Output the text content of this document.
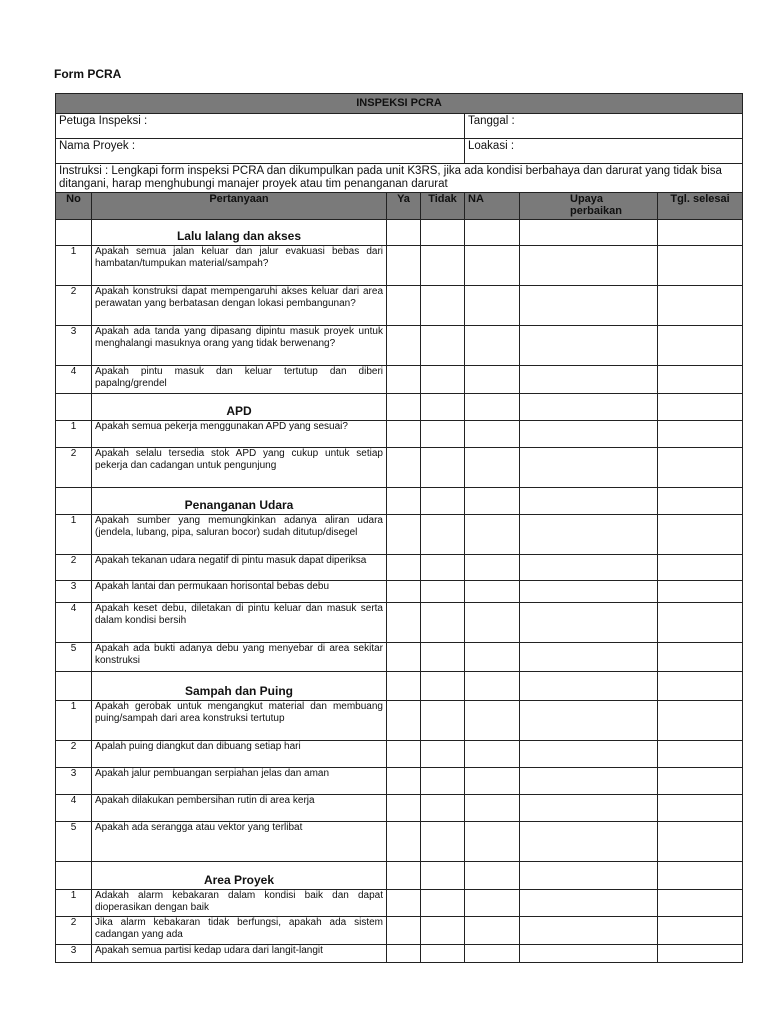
Form PCRA
INSPEKSI PCRA						
Petuga Inspeksi :				Tanggal :		
Nama Proyek :				Loakasi :		
Instruksi : Lengkapi form inspeksi PCRA dan dikumpulkan pada unit K3RS, jika ada kondisi berbahaya dan darurat yang tidak bisa ditangani, harap menghubungi manajer proyek atau tim penanganan darurat						
No	Pertanyaan	Ya	Tidak	NA	Upaya perbaikan	Tgl. selesai
	Lalu lalang dan akses					
1	Apakah semua jalan keluar dan jalur evakuasi bebas dari hambatan/tumpukan material/sampah?					
2	Apakah konstruksi dapat mempengaruhi akses keluar dari area perawatan yang berbatasan dengan lokasi pembangunan?					
3	Apakah ada tanda yang dipasang dipintu masuk proyek untuk menghalangi masuknya orang yang tidak berwenang?					
4	Apakah pintu masuk dan keluar tertutup dan diberi papalng/grendel					
	APD					
1	Apakah semua pekerja menggunakan APD yang sesuai?					
2	Apakah selalu tersedia stok APD yang cukup untuk setiap pekerja dan cadangan untuk pengunjung					
	Penanganan Udara					
1	Apakah sumber yang memungkinkan adanya aliran udara (jendela, lubang, pipa, saluran bocor) sudah ditutup/disegel					
2	Apakah tekanan udara negatif di pintu masuk dapat diperiksa					
3	Apakah lantai dan permukaan horisontal bebas debu					
4	Apakah keset debu, diletakan di pintu keluar dan masuk serta dalam kondisi bersih					
5	Apakah ada bukti adanya debu yang menyebar di area sekitar konstruksi					
	Sampah dan Puing					
1	Apakah gerobak untuk mengangkut material dan membuang puing/sampah dari area konstruksi tertutup					
2	Apalah puing diangkut dan dibuang setiap hari					
3	Apakah jalur pembuangan serpiahan jelas dan aman					
4	Apakah dilakukan pembersihan rutin di area kerja					
5	Apakah ada serangga atau vektor yang terlibat					
	Area Proyek					
1	Adakah alarm kebakaran dalam kondisi baik dan dapat dioperasikan dengan baik					
2	Jika alarm kebakaran tidak berfungsi, apakah ada sistem cadangan yang ada					
3	Apakah semua partisi kedap udara dari langit-langit					
